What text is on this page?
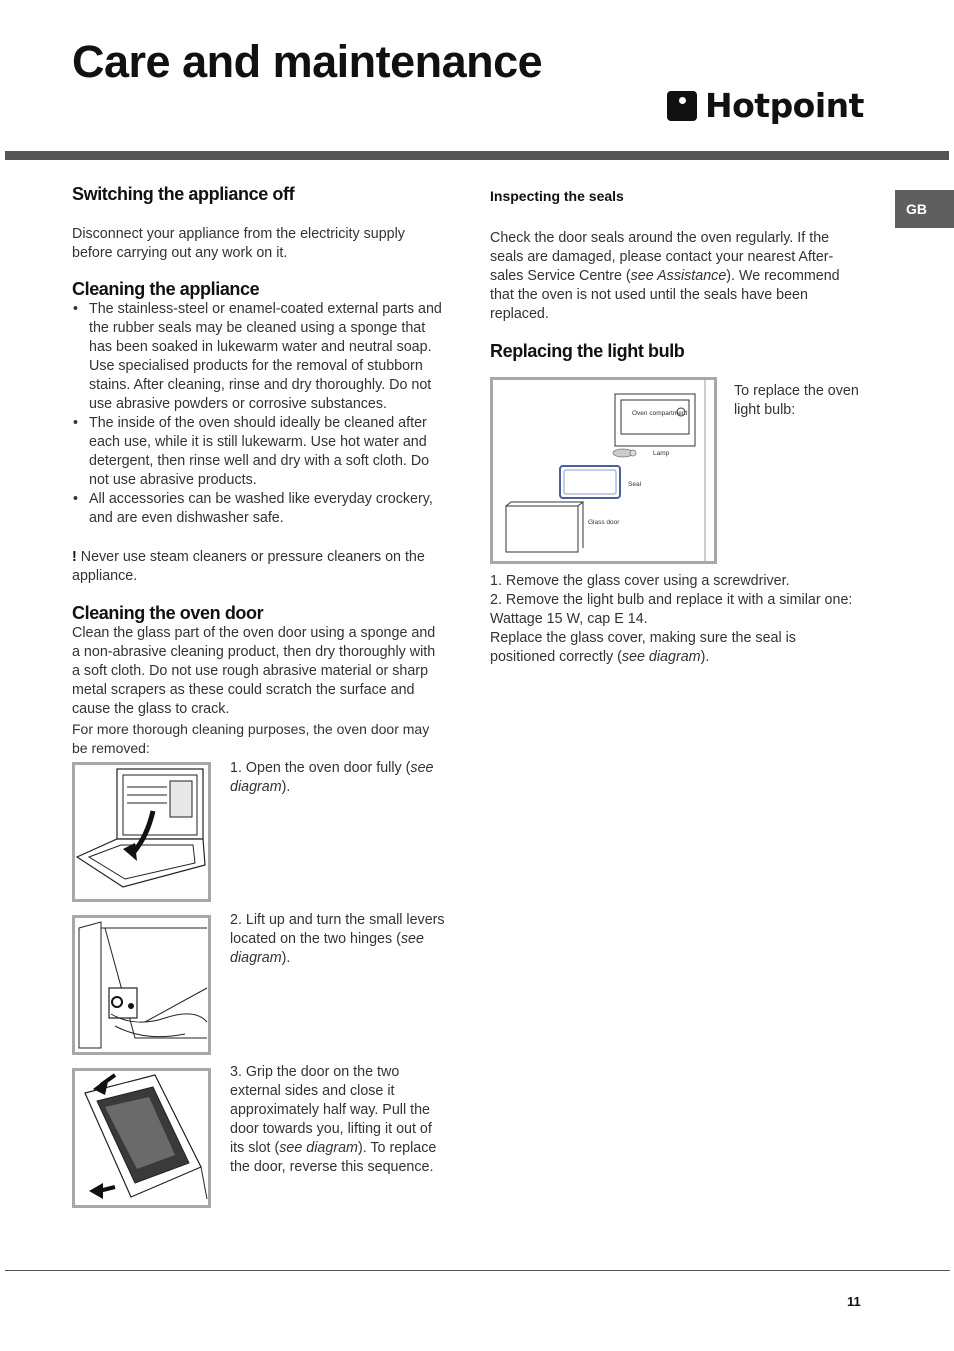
Care and maintenance
Hotpoint
GB
Switching the appliance off
Disconnect your appliance from the electricity supply before carrying out any work on it.
Cleaning the appliance
• The stainless-steel or enamel-coated external parts and the rubber seals may be cleaned using a sponge that has been soaked in lukewarm water and neutral soap. Use specialised products for the removal of stubborn stains. After cleaning, rinse and dry thoroughly. Do not use abrasive powders or corrosive substances.
• The inside of the oven should ideally be cleaned after each use, while it is still lukewarm. Use hot water and detergent, then rinse well and dry with a soft cloth. Do not use abrasive products.
• All accessories can be washed like everyday crockery, and are even dishwasher safe.
! Never use steam cleaners or pressure cleaners on the appliance.
Cleaning the oven door
Clean the glass part of the oven door using a sponge and a non-abrasive cleaning product, then dry thoroughly with a soft cloth. Do not use rough abrasive material or sharp metal scrapers as these could scratch the surface and cause the glass to crack.
For more thorough cleaning purposes, the oven door may be removed:
1. Open the oven door fully (see diagram).
2. Lift up and turn the small levers located on the two hinges (see diagram).
3. Grip the door on the two external sides and close it approximately half way. Pull the door towards you, lifting it out of its slot (see diagram). To replace the door, reverse this sequence.
Inspecting the seals
Check the door seals around the oven regularly. If the seals are damaged, please contact your nearest After-sales Service Centre (see Assistance). We recommend that the oven is not used until the seals have been replaced.
Replacing the light bulb
Oven compartment
Lamp
Seal
Glass door
To replace the oven light bulb:
1. Remove the glass cover using a screwdriver.
2. Remove the light bulb and replace it with a similar one: Wattage 15 W, cap E 14.
Replace the glass cover, making sure the seal is positioned correctly (see diagram).
11
